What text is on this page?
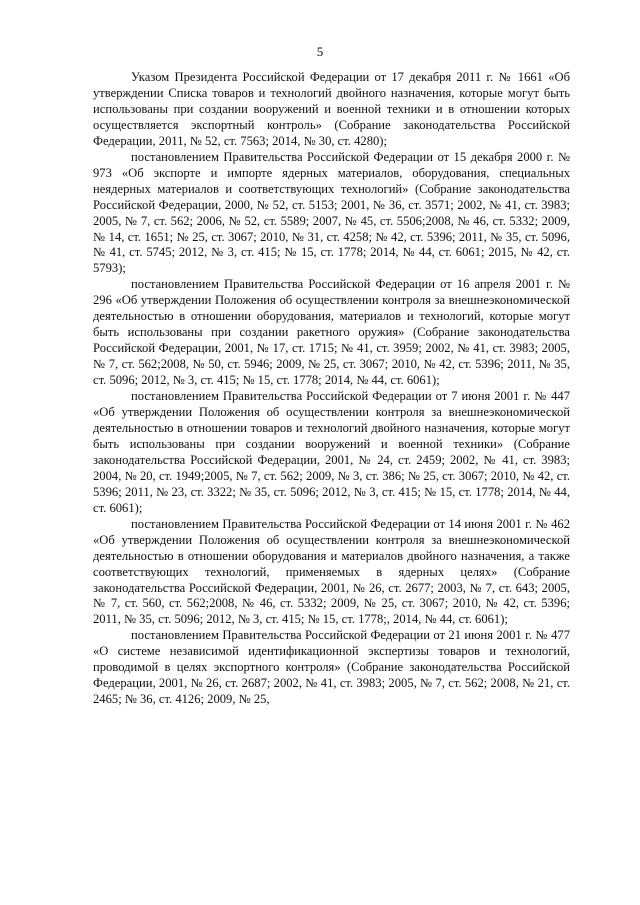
5

Указом Президента Российской Федерации от 17 декабря 2011 г. № 1661 «Об утверждении Списка товаров и технологий двойного назначения, которые могут быть использованы при создании вооружений и военной техники и в отношении которых осуществляется экспортный контроль» (Собрание законодательства Российской Федерации, 2011, № 52, ст. 7563; 2014, № 30, ст. 4280);

постановлением Правительства Российской Федерации от 15 декабря 2000 г. № 973 «Об экспорте и импорте ядерных материалов, оборудования, специальных неядерных материалов и соответствующих технологий» (Собрание законодательства Российской Федерации, 2000, № 52, ст. 5153; 2001, № 36, ст. 3571; 2002, № 41, ст. 3983; 2005, № 7, ст. 562; 2006, № 52, ст. 5589; 2007, № 45, ст. 5506;2008, № 46, ст. 5332; 2009, № 14, ст. 1651; № 25, ст. 3067; 2010, № 31, ст. 4258; № 42, ст. 5396; 2011, № 35, ст. 5096, № 41, ст. 5745; 2012, № 3, ст. 415; № 15, ст. 1778; 2014, № 44, ст. 6061; 2015, № 42, ст. 5793);

постановлением Правительства Российской Федерации от 16 апреля 2001 г. № 296 «Об утверждении Положения об осуществлении контроля за внешнеэкономической деятельностью в отношении оборудования, материалов и технологий, которые могут быть использованы при создании ракетного оружия» (Собрание законодательства Российской Федерации, 2001, № 17, ст. 1715; № 41, ст. 3959; 2002, № 41, ст. 3983; 2005, № 7, ст. 562;2008, № 50, ст. 5946; 2009, № 25, ст. 3067; 2010, № 42, ст. 5396; 2011, № 35, ст. 5096; 2012, № 3, ст. 415; № 15, ст. 1778; 2014, № 44, ст. 6061);

постановлением Правительства Российской Федерации от 7 июня 2001 г. № 447 «Об утверждении Положения об осуществлении контроля за внешнеэкономической деятельностью в отношении товаров и технологий двойного назначения, которые могут быть использованы при создании вооружений и военной техники» (Собрание законодательства Российской Федерации, 2001, № 24, ст. 2459; 2002, № 41, ст. 3983; 2004, № 20, ст. 1949;2005, № 7, ст. 562; 2009, № 3, ст. 386; № 25, ст. 3067; 2010, № 42, ст. 5396; 2011, № 23, ст. 3322; № 35, ст. 5096; 2012, № 3, ст. 415; № 15, ст. 1778; 2014, № 44, ст. 6061);

постановлением Правительства Российской Федерации от 14 июня 2001 г. № 462 «Об утверждении Положения об осуществлении контроля за внешнеэкономической деятельностью в отношении оборудования и материалов двойного назначения, а также соответствующих технологий, применяемых в ядерных целях» (Собрание законодательства Российской Федерации, 2001, № 26, ст. 2677; 2003, № 7, ст. 643; 2005, № 7, ст. 560, ст. 562;2008, № 46, ст. 5332; 2009, № 25, ст. 3067; 2010, № 42, ст. 5396; 2011, № 35, ст. 5096; 2012, № 3, ст. 415; № 15, ст. 1778;, 2014, № 44, ст. 6061);

постановлением Правительства Российской Федерации от 21 июня 2001 г. № 477 «О системе независимой идентификационной экспертизы товаров и технологий, проводимой в целях экспортного контроля» (Собрание законодательства Российской Федерации, 2001, № 26, ст. 2687; 2002, № 41, ст. 3983; 2005, № 7, ст. 562; 2008, № 21, ст. 2465; № 36, ст. 4126; 2009, № 25,
